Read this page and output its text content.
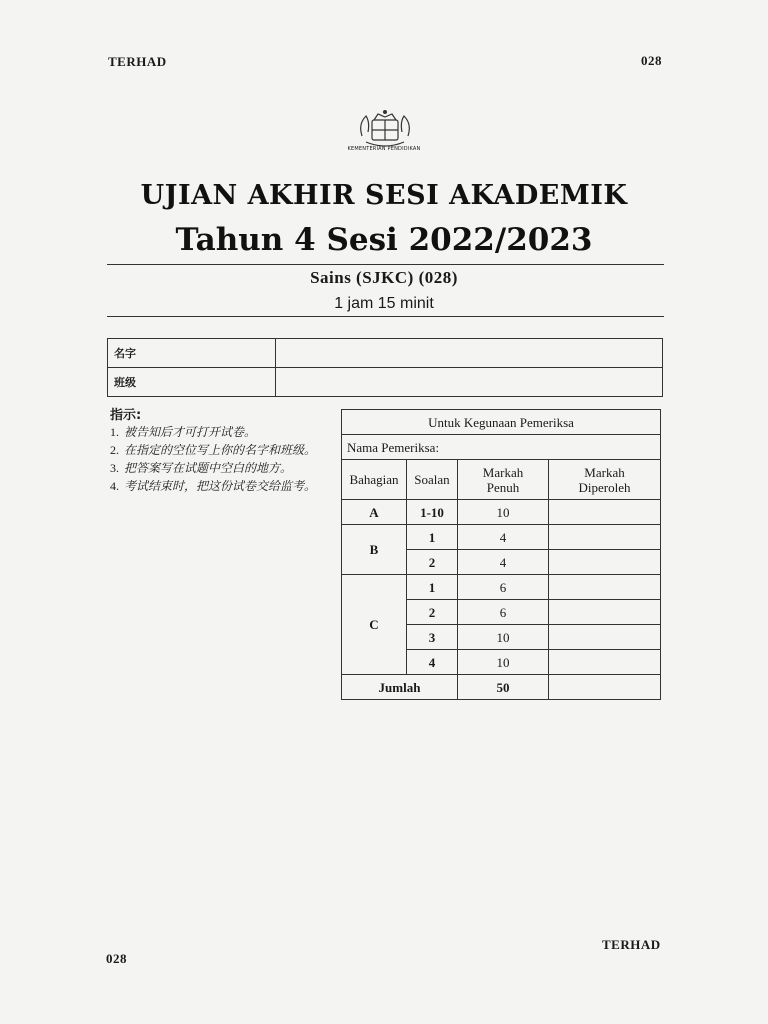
TERHAD	028
KEMENTERIAN PENDIDIKAN
UJIAN AKHIR SESI AKADEMIK
Tahun 4 Sesi 2022/2023
Sains (SJKC) (028)
1 jam 15 minit
名字	
班级	
指示:
1. 被告知后才可打开试卷。
2. 在指定的空位写上你的名字和班级。
3. 把答案写在试题中空白的地方。
4. 考试结束时，把这份试卷交给监考。
Untuk Kegunaan Pemeriksa			
Nama Pemeriksa:			
Bahagian	Soalan	Markah Penuh	Markah Diperoleh
A	1-10	10	
B	1	4	
	2	4	
C	1	6	
	2	6	
	3	10	
	4	10	
Jumlah		50	
028
TERHAD
